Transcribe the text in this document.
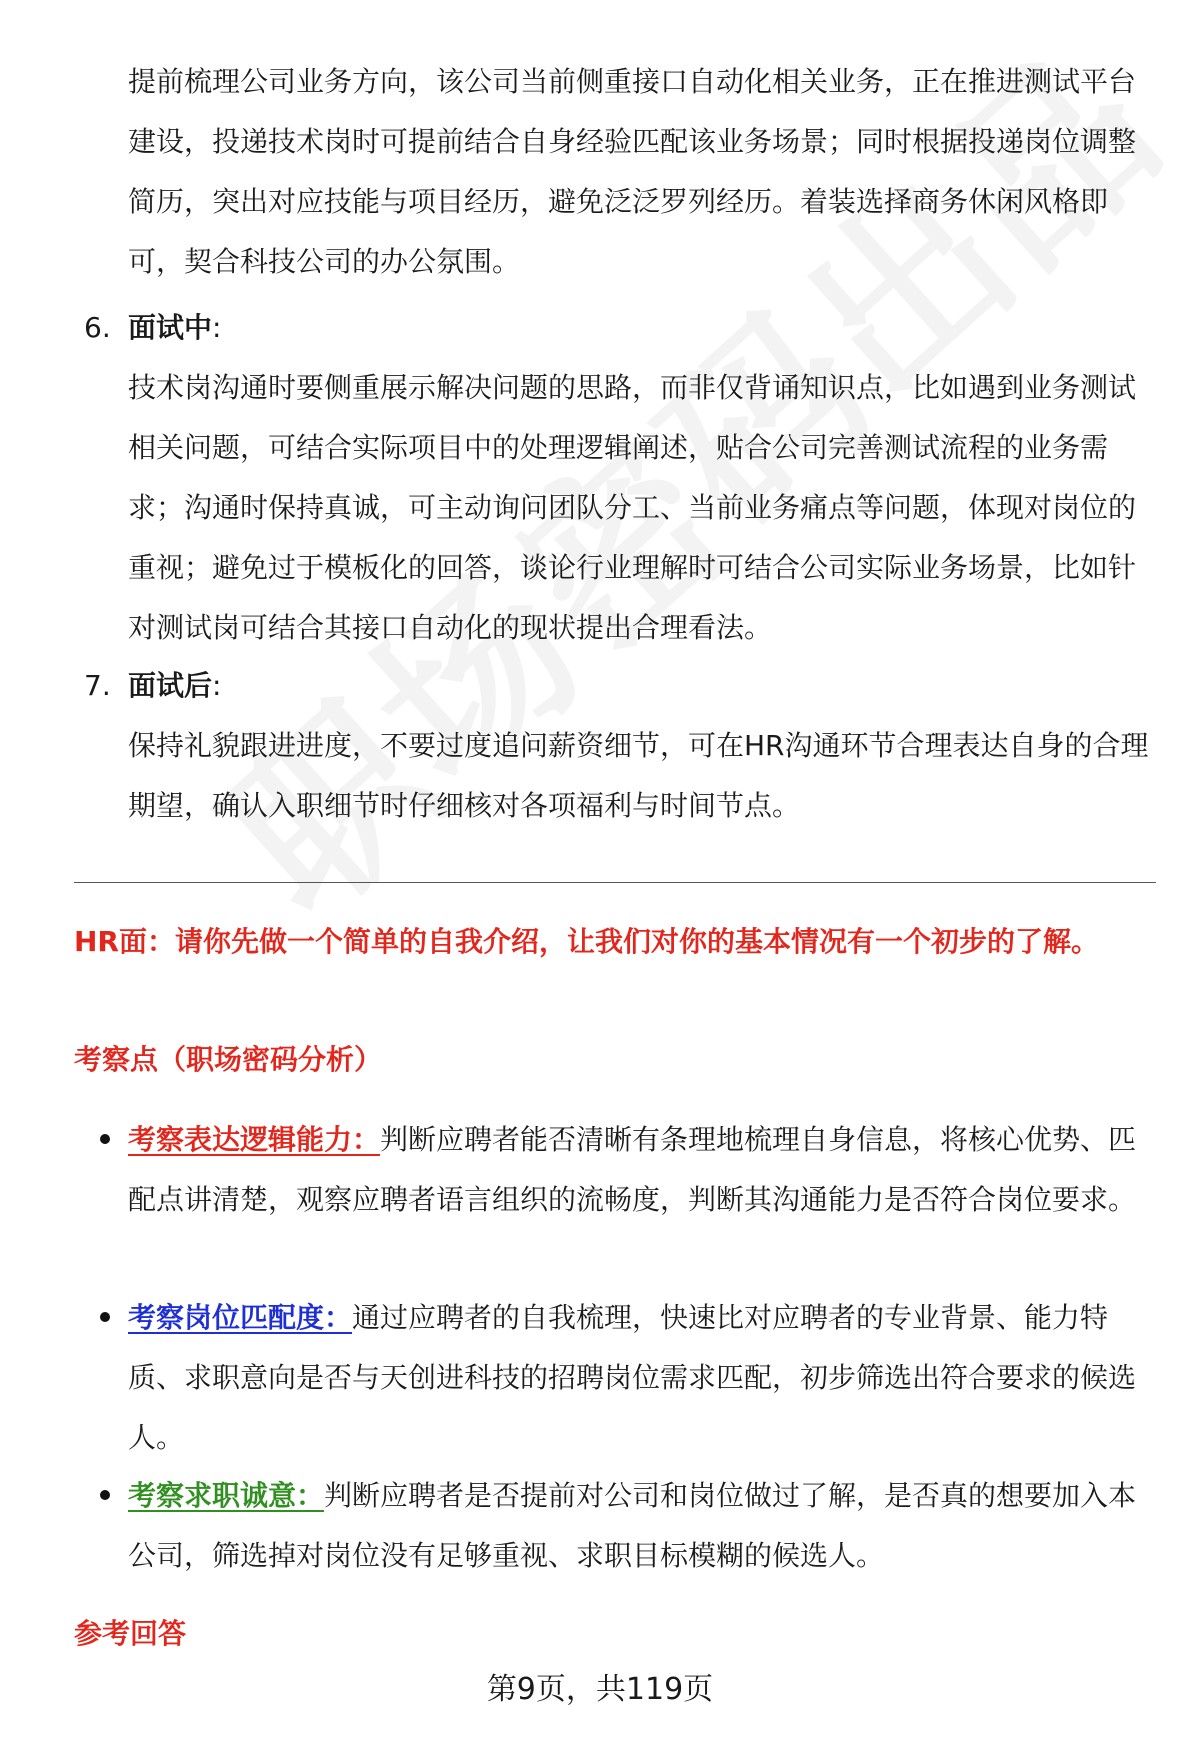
提前梳理公司业务方向，该公司当前侧重接口自动化相关业务，正在推进测试平台建设，投递技术岗时可提前结合自身经验匹配该业务场景；同时根据投递岗位调整简历，突出对应技能与项目经历，避免泛泛罗列经历。着装选择商务休闲风格即可，契合科技公司的办公氛围。

6. 面试中 :

技术岗沟通时要侧重展示解决问题的思路，而非仅背诵知识点，比如遇到业务测试相关问题，可结合实际项目中的处理逻辑阐述，贴合公司完善测试流程的业务需求；沟通时保持真诚，可主动询问团队分工、当前业务痛点等问题，体现对岗位的重视；避免过于模板化的回答，谈论行业理解时可结合公司实际业务场景，比如针对测试岗可结合其接口自动化的现状提出合理看法。

7. 面试后 :

保持礼貌跟进进度，不要过度追问薪资细节，可在HR沟通环节合理表达自身的合理期望，确认入职细节时仔细核对各项福利与时间节点。

HR面：请你先做一个简单的自我介绍，让我们对你的基本情况有一个初步的了解。
考察点（职场密码分析）

考察表达逻辑能力：判断应聘者能否清晰有条理地梳理自身信息，将核心优势、匹配点讲清楚，观察应聘者语言组织的流畅度，判断其沟通能力是否符合岗位要求。

考察岗位匹配度：通过应聘者的自我梳理，快速比对应聘者的专业背景、能力特质、求职意向是否与天创进科技的招聘岗位需求匹配，初步筛选出符合要求的候选人。

考察求职诚意：判断应聘者是否提前对公司和岗位做过了解，是否真的想要加入本公司，筛选掉对岗位没有足够重视、求职目标模糊的候选人。

参考回答
第9页，共119页
